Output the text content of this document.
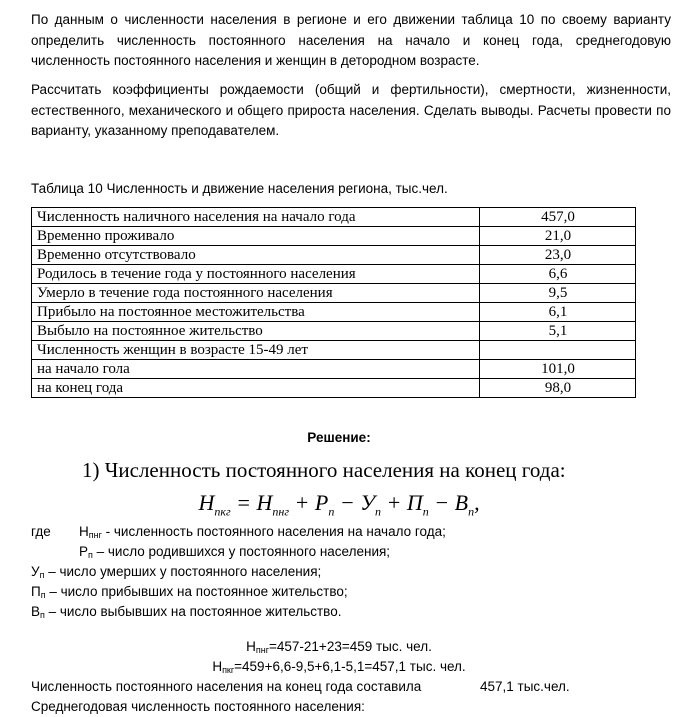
По данным о численности населения в регионе и его движении таблица 10 по своему варианту определить численность постоянного населения на начало и конец года, среднегодовую численность постоянного населения и женщин в детородном возрасте.

Рассчитать коэффициенты рождаемости (общий и фертильности), смертности, жизненности, естественного, механического и общего прироста населения. Сделать выводы. Расчеты провести по варианту, указанному преподавателем.

Таблица 10 Численность и движение населения региона, тыс.чел.
Численность наличного населения на начало года	457,0
Временно проживало	21,0
Временно отсутствовало	23,0
Родилось в течение года у постоянного населения	6,6
Умерло в течение года постоянного населения	9,5
Прибыло на постоянное местожительства	6,1
Выбыло на постоянное жительство	5,1
Численность женщин в возрасте 15-49 лет	
на начало гола	101,0
на конец года	98,0
Решение:
1) Численность постоянного населения на конец года:
$Н_{пкг} = Н_{пнг} + Р_п - У_п + П_п - В_п$,
где $Н_{пнг}$ - численность постоянного населения на начало года;
$Р_п$ – число родившихся у постоянного населения;
$У_п$ – число умерших у постоянного населения;
$П_п$ – число прибывших на постоянное жительство;
$В_п$ – число выбывших на постоянное жительство.
$Н_{пнг}=457-21+23=459$ тыс. чел.
$Н_{пкг}=459+6,6-9,5+6,1-5,1=457,1$ тыс. чел.
Численность постоянного населения на конец года составила	457,1 тыс.чел.
Среднегодовая численность постоянного населения:
